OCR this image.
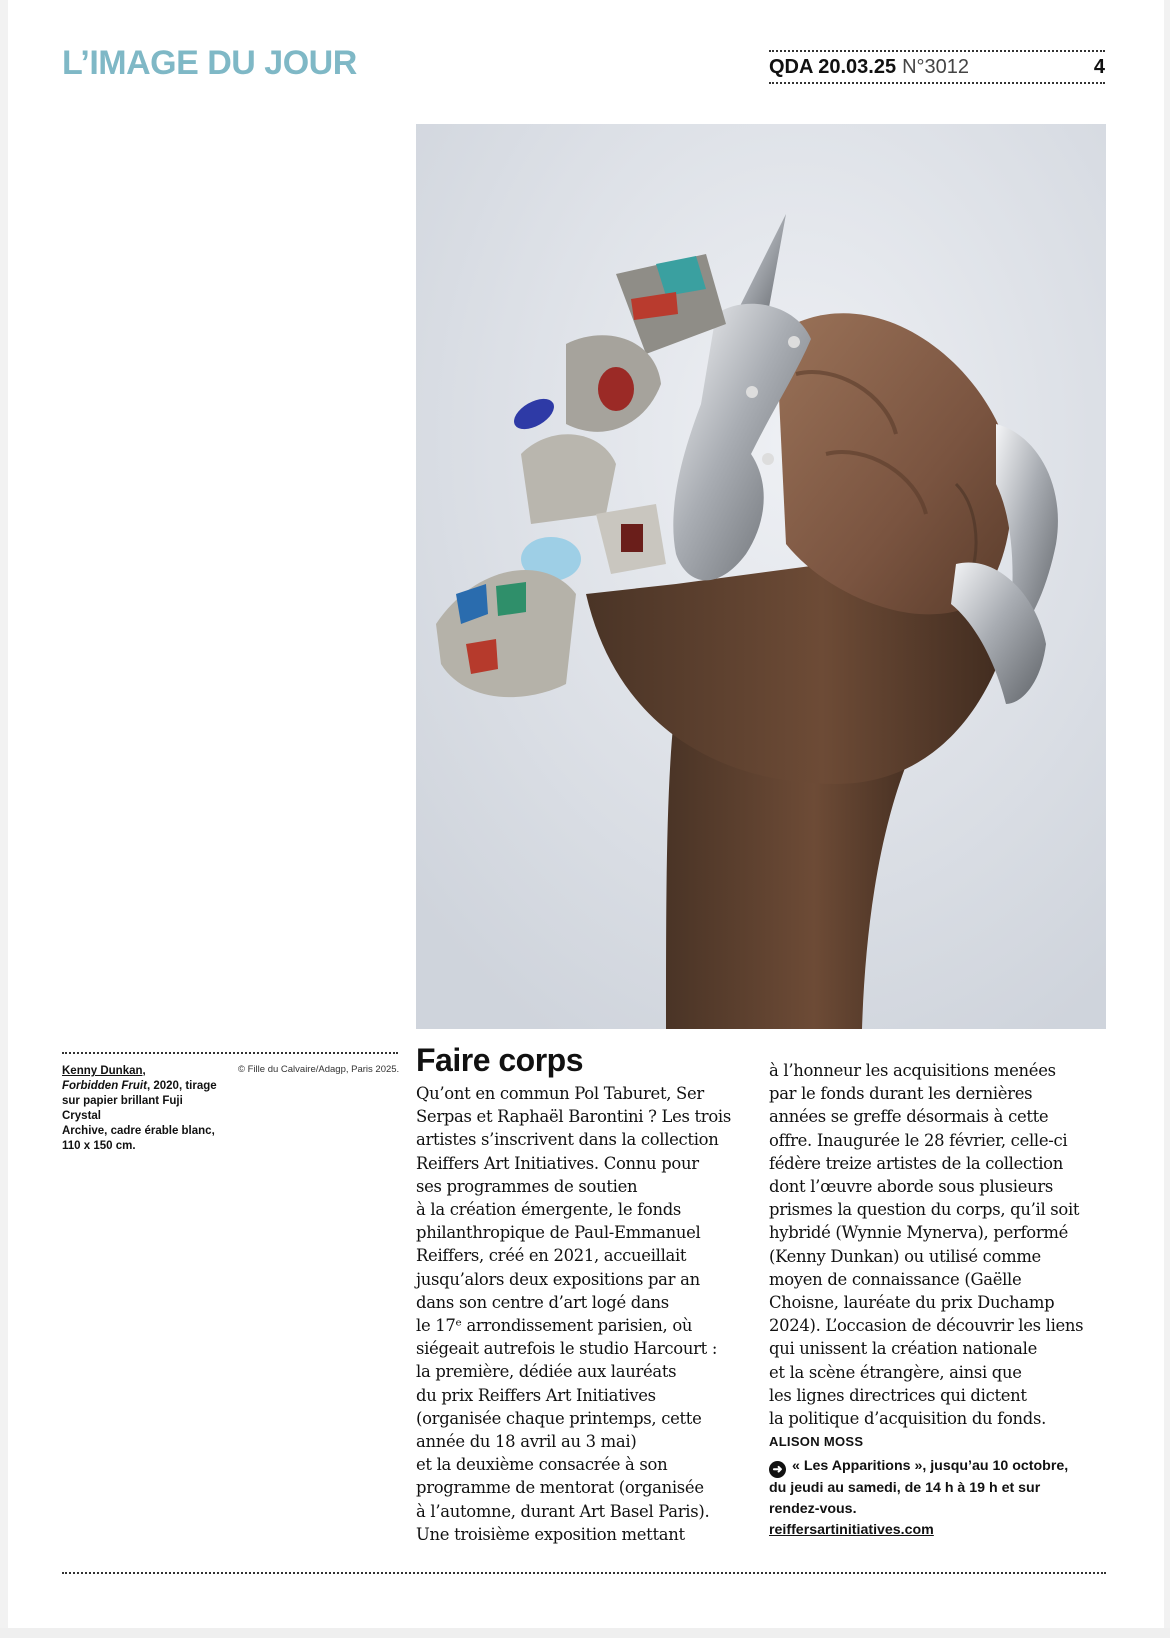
L’IMAGE DU JOUR	QDA 20.03.25 N°3012	4
Kenny Dunkan,
Forbidden Fruit, 2020, tirage
sur papier brillant Fuji Crystal
Archive, cadre érable blanc,
110 x 150 cm.
© Fille du Calvaire/Adagp, Paris 2025. Faire corps
Qu’ont en commun Pol Taburet, Ser
Serpas et Raphaël Barontini ? Les trois
artistes s’inscrivent dans la collection
Reiffers Art Initiatives. Connu pour
ses programmes de soutien
à la création émergente, le fonds
philanthropique de Paul-Emmanuel
Reiffers, créé en 2021, accueillait
jusqu’alors deux expositions par an
dans son centre d’art logé dans
le 17ᵉ arrondissement parisien, où
siégeait autrefois le studio Harcourt :
la première, dédiée aux lauréats
du prix Reiffers Art Initiatives
(organisée chaque printemps, cette
année du 18 avril au 3 mai)
et la deuxième consacrée à son
programme de mentorat (organisée
à l’automne, durant Art Basel Paris).
Une troisième exposition mettant
à l’honneur les acquisitions menées
par le fonds durant les dernières
années se greffe désormais à cette
offre. Inaugurée le 28 février, celle-ci
fédère treize artistes de la collection
dont l’œuvre aborde sous plusieurs
prismes la question du corps, qu’il soit
hybridé (Wynnie Mynerva), performé
(Kenny Dunkan) ou utilisé comme
moyen de connaissance (Gaëlle
Choisne, lauréate du prix Duchamp
2024). L’occasion de découvrir les liens
qui unissent la création nationale
et la scène étrangère, ainsi que
les lignes directrices qui dictent
la politique d’acquisition du fonds.
ALISON MOSS
➜ « Les Apparitions », jusqu’au 10 octobre,
du jeudi au samedi, de 14 h à 19 h et sur
rendez-vous.
reiffersartinitiatives.com
